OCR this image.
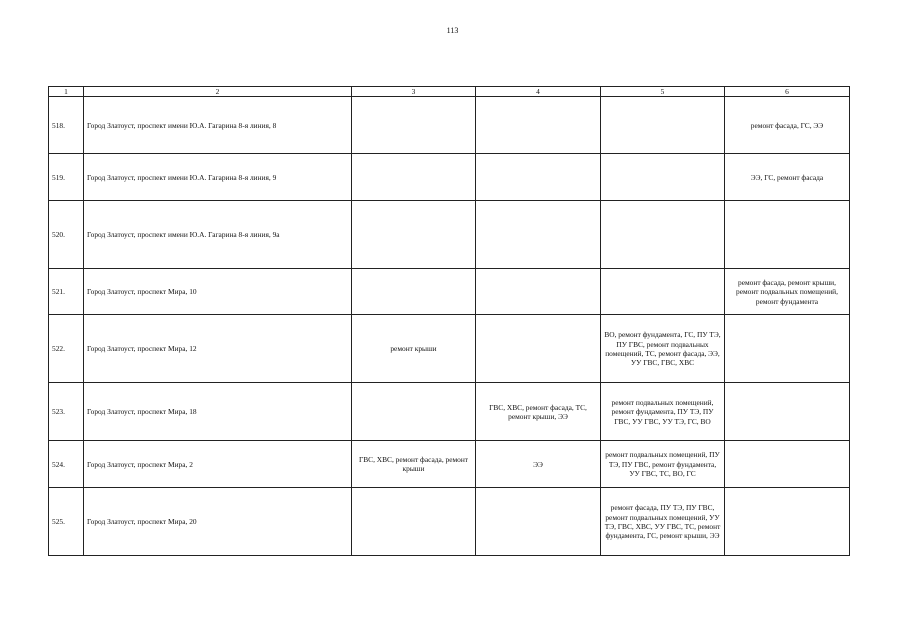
113
1	2	3	4	5	6
518.	Город Златоуст, проспект имени Ю.А. Гагарина 8-я линия, 8				ремонт фасада, ГС, ЭЭ
519.	Город Златоуст, проспект имени Ю.А. Гагарина 8-я линия, 9				ЭЭ, ГС, ремонт фасада
520.	Город Златоуст, проспект имени Ю.А. Гагарина 8-я линия, 9а				
521.	Город Златоуст, проспект Мира, 10				ремонт фасада, ремонт крыши, ремонт подвальных помещений, ремонт фундамента
522.	Город Златоуст, проспект Мира, 12	ремонт крыши		ВО, ремонт фундамента, ГС, ПУ ТЭ, ПУ ГВС, ремонт подвальных помещений, ТС, ремонт фасада, ЭЭ, УУ ГВС, ГВС, ХВС	
523.	Город Златоуст, проспект Мира, 18		ГВС, ХВС, ремонт фасада, ТС, ремонт крыши, ЭЭ	ремонт подвальных помещений, ремонт фундамента, ПУ ТЭ, ПУ ГВС, УУ ГВС, УУ ТЭ, ГС, ВО	
524.	Город Златоуст, проспект Мира, 2	ГВС, ХВС, ремонт фасада, ремонт крыши	ЭЭ	ремонт подвальных помещений, ПУ ТЭ, ПУ ГВС, ремонт фундамента, УУ ГВС, ТС, ВО, ГС	
525.	Город Златоуст, проспект Мира, 20			ремонт фасада, ПУ ТЭ, ПУ ГВС, ремонт подвальных помещений, УУ ТЭ, ГВС, ХВС, УУ ГВС, ТС, ремонт фундамента, ГС, ремонт крыши, ЭЭ	
